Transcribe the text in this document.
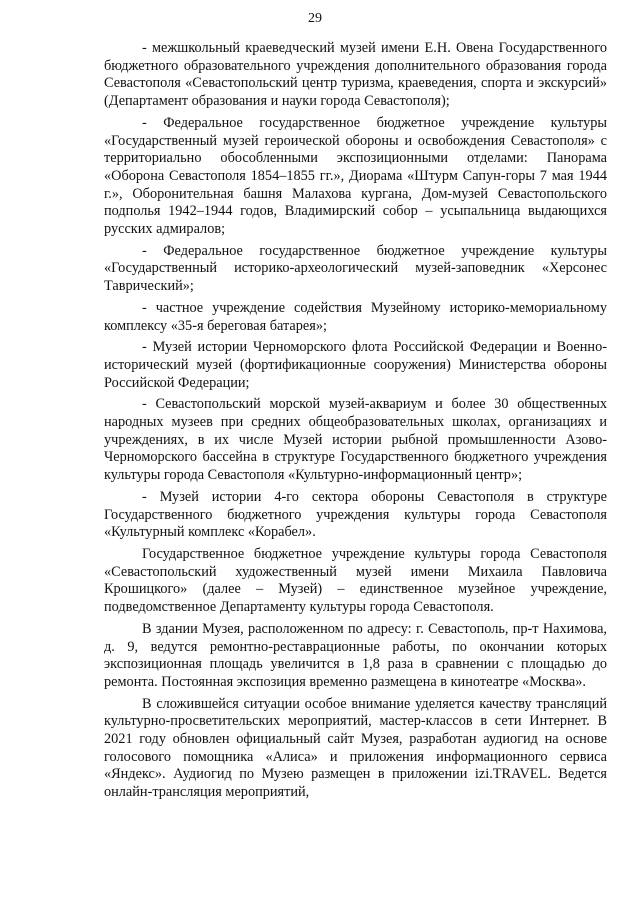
29

- межшкольный краеведческий музей имени Е.Н. Овена Государственного бюджетного образовательного учреждения дополнительного образования города Севастополя «Севастопольский центр туризма, краеведения, спорта и экскурсий» (Департамент образования и науки города Севастополя);

- Федеральное государственное бюджетное учреждение культуры «Государственный музей героической обороны и освобождения Севастополя» с территориально обособленными экспозиционными отделами: Панорама «Оборона Севастополя 1854–1855 гг.», Диорама «Штурм Сапун-горы 7 мая 1944 г.», Оборонительная башня Малахова кургана, Дом-музей Севастопольского подполья 1942–1944 годов, Владимирский собор – усыпальница выдающихся русских адмиралов;

- Федеральное государственное бюджетное учреждение культуры «Государственный историко-археологический музей-заповедник «Херсонес Таврический»;

- частное учреждение содействия Музейному историко-мемориальному комплексу «35-я береговая батарея»;

- Музей истории Черноморского флота Российской Федерации и Военно-исторический музей (фортификационные сооружения) Министерства обороны Российской Федерации;

- Севастопольский морской музей-аквариум и более 30 общественных народных музеев при средних общеобразовательных школах, организациях и учреждениях, в их числе Музей истории рыбной промышленности Азово-Черноморского бассейна в структуре Государственного бюджетного учреждения культуры города Севастополя «Культурно-информационный центр»;

- Музей истории 4-го сектора обороны Севастополя в структуре Государственного бюджетного учреждения культуры города Севастополя «Культурный комплекс «Корабел».

Государственное бюджетное учреждение культуры города Севастополя «Севастопольский художественный музей имени Михаила Павловича Крошицкого» (далее – Музей) – единственное музейное учреждение, подведомственное Департаменту культуры города Севастополя.

В здании Музея, расположенном по адресу: г. Севастополь, пр-т Нахимова, д. 9, ведутся ремонтно-реставрационные работы, по окончании которых экспозиционная площадь увеличится в 1,8 раза в сравнении с площадью до ремонта. Постоянная экспозиция временно размещена в кинотеатре «Москва».

В сложившейся ситуации особое внимание уделяется качеству трансляций культурно-просветительских мероприятий, мастер-классов в сети Интернет. В 2021 году обновлен официальный сайт Музея, разработан аудиогид на основе голосового помощника «Алиса» и приложения информационного сервиса «Яндекс». Аудиогид по Музею размещен в приложении izi.TRAVEL. Ведется онлайн-трансляция мероприятий,
